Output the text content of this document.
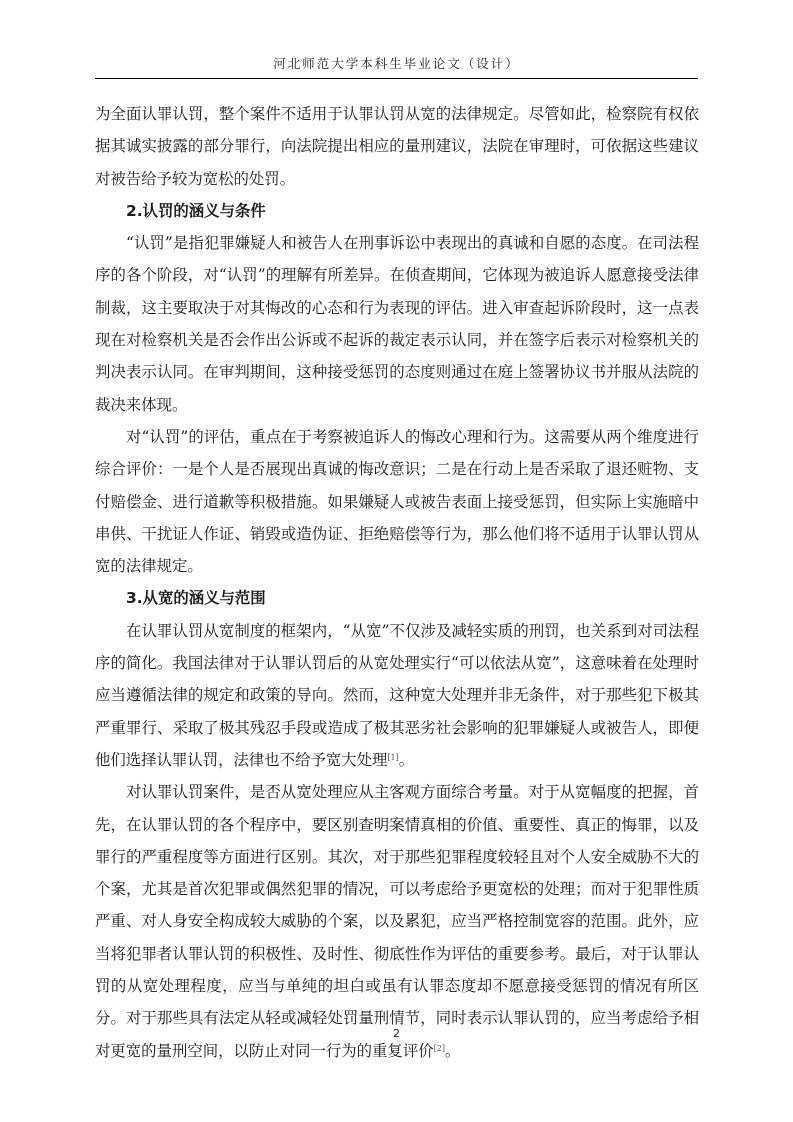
河北师范大学本科生毕业论文（设计）

为全面认罪认罚，整个案件不适用于认罪认罚从宽的法律规定。尽管如此，检察院有权依据其诚实披露的部分罪行，向法院提出相应的量刑建议，法院在审理时，可依据这些建议对被告给予较为宽松的处罚。

2.认罚的涵义与条件

“认罚”是指犯罪嫌疑人和被告人在刑事诉讼中表现出的真诚和自愿的态度。在司法程序的各个阶段，对“认罚”的理解有所差异。在侦查期间，它体现为被追诉人愿意接受法律制裁，这主要取决于对其悔改的心态和行为表现的评估。进入审查起诉阶段时，这一点表现在对检察机关是否会作出公诉或不起诉的裁定表示认同，并在签字后表示对检察机关的判决表示认同。在审判期间，这种接受惩罚的态度则通过在庭上签署协议书并服从法院的裁决来体现。

对“认罚”的评估，重点在于考察被追诉人的悔改心理和行为。这需要从两个维度进行综合评价：一是个人是否展现出真诚的悔改意识；二是在行动上是否采取了退还赃物、支付赔偿金、进行道歉等积极措施。如果嫌疑人或被告表面上接受惩罚，但实际上实施暗中串供、干扰证人作证、销毁或造伪证、拒绝赔偿等行为，那么他们将不适用于认罪认罚从宽的法律规定。

3.从宽的涵义与范围

在认罪认罚从宽制度的框架内，“从宽”不仅涉及减轻实质的刑罚，也关系到对司法程序的简化。我国法律对于认罪认罚后的从宽处理实行“可以依法从宽”，这意味着在处理时应当遵循法律的规定和政策的导向。然而，这种宽大处理并非无条件，对于那些犯下极其严重罪行、采取了极其残忍手段或造成了极其恶劣社会影响的犯罪嫌疑人或被告人，即便他们选择认罪认罚，法律也不给予宽大处理[1]。

对认罪认罚案件，是否从宽处理应从主客观方面综合考量。对于从宽幅度的把握，首先，在认罪认罚的各个程序中，要区别查明案情真相的价值、重要性、真正的悔罪，以及罪行的严重程度等方面进行区别。其次，对于那些犯罪程度较轻且对个人安全威胁不大的个案，尤其是首次犯罪或偶然犯罪的情况，可以考虑给予更宽松的处理；而对于犯罪性质严重、对人身安全构成较大威胁的个案，以及累犯，应当严格控制宽容的范围。此外，应当将犯罪者认罪认罚的积极性、及时性、彻底性作为评估的重要参考。最后，对于认罪认罚的从宽处理程度，应当与单纯的坦白或虽有认罪态度却不愿意接受惩罚的情况有所区分。对于那些具有法定从轻或减轻处罚量刑情节，同时表示认罪认罚的，应当考虑给予相对更宽的量刑空间，以防止对同一行为的重复评价[2]。

2
